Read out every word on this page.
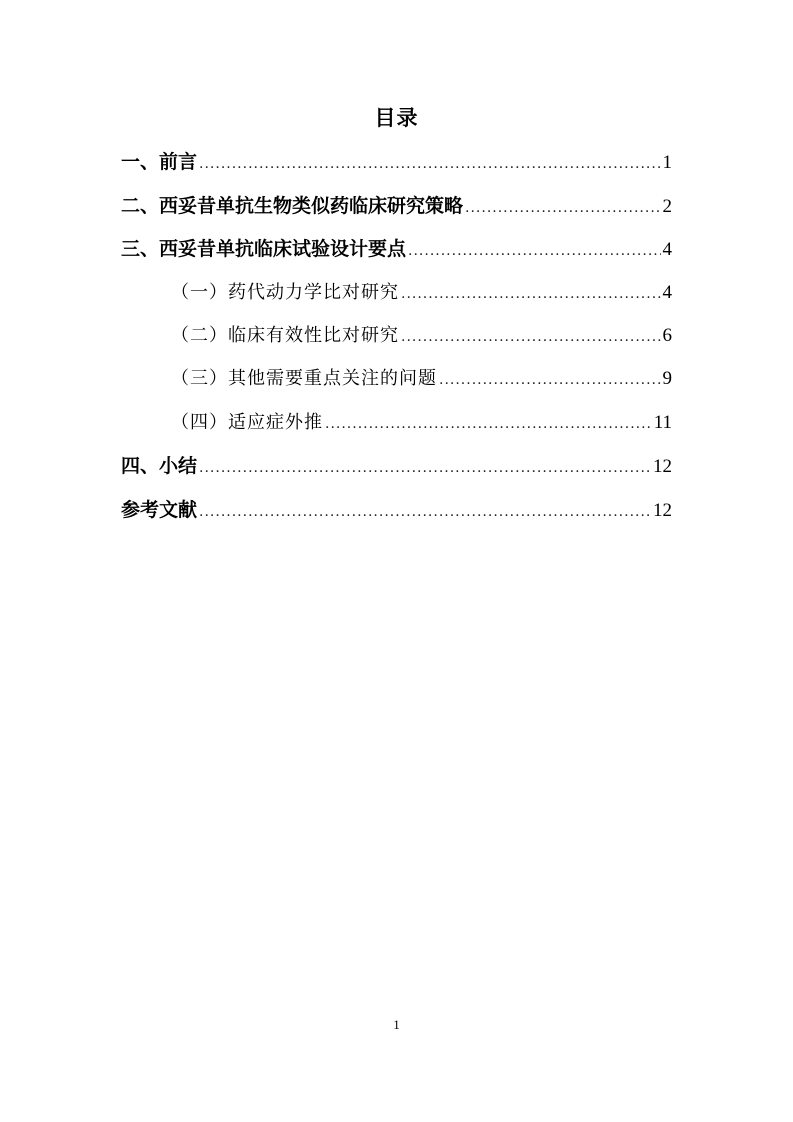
目录
一、前言 .....	1
二、西妥昔单抗生物类似药临床研究策略 .....	2
三、西妥昔单抗临床试验设计要点 .....	4
（一）药代动力学比对研究 .....	4
（二）临床有效性比对研究 .....	6
（三）其他需要重点关注的问题 .....	9
（四）适应症外推 .....	11
四、小结 .....	12
参考文献 .....	12
1
